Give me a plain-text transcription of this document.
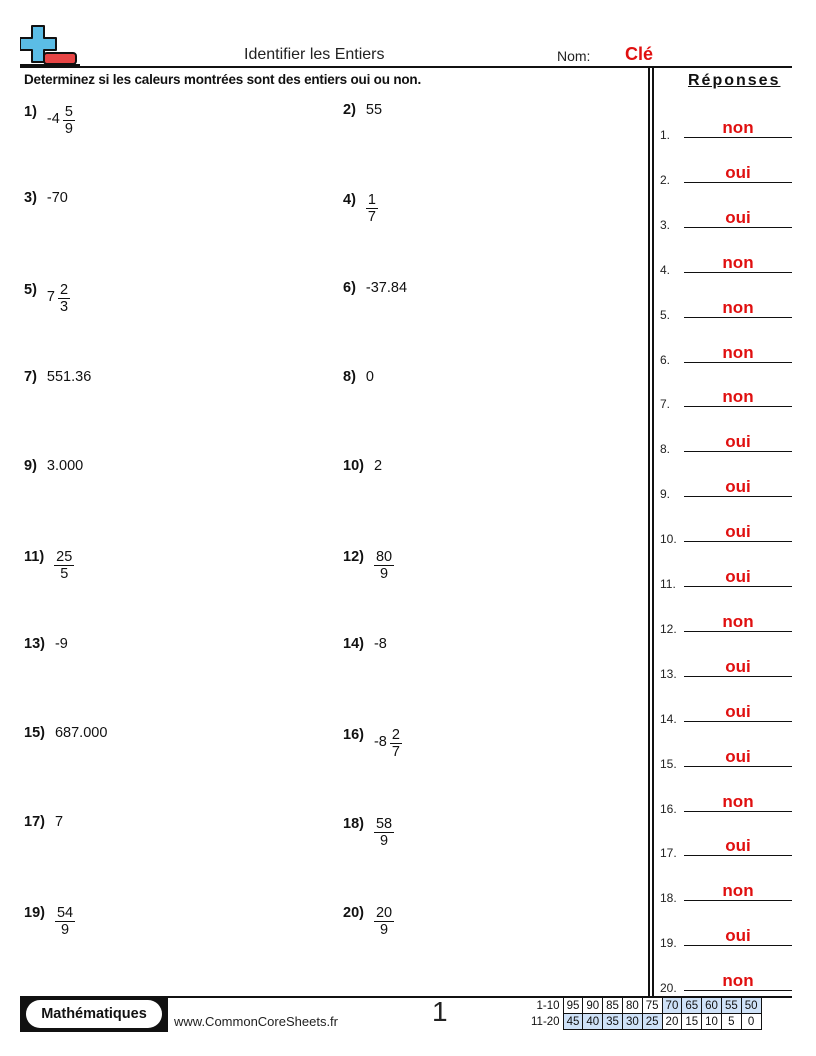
Identifier les Entiers	Nom: Clé
Determinez si les caleurs montrées sont des entiers oui ou non.	Réponses
1) $-4 \frac{5}{9}$	2) 55
3) -70	$4) \frac{1}{7}$
5) $7 \frac{2}{3}$	6) -37.84
7) 551.36	8) 0
9) 3.000	10) 2
$11) \frac{25}{5}$	$12) \frac{80}{9}$
13) -9	14) -8
15) 687.000	16) $-8 \frac{2}{7}$
17) 7	$18) \frac{58}{9}$
$19) \frac{54}{9}$	$20) \frac{20}{9}$
1.	non
2.	oui
3.	oui
4.	non
5.	non
6.	non
7.	non
8.	oui
9.	oui
10.	oui
11.	oui
12.	non
13.	oui
14.	oui
15.	oui
16.	non
17.	oui
18.	non
19.	oui
20.	non
Mathématiques	www.CommonCoreSheets.fr	1	1-10	95	90	85	80	75	70	65	60	55	50
11-20	45	40	35	30	25	20	15	10	5	0
